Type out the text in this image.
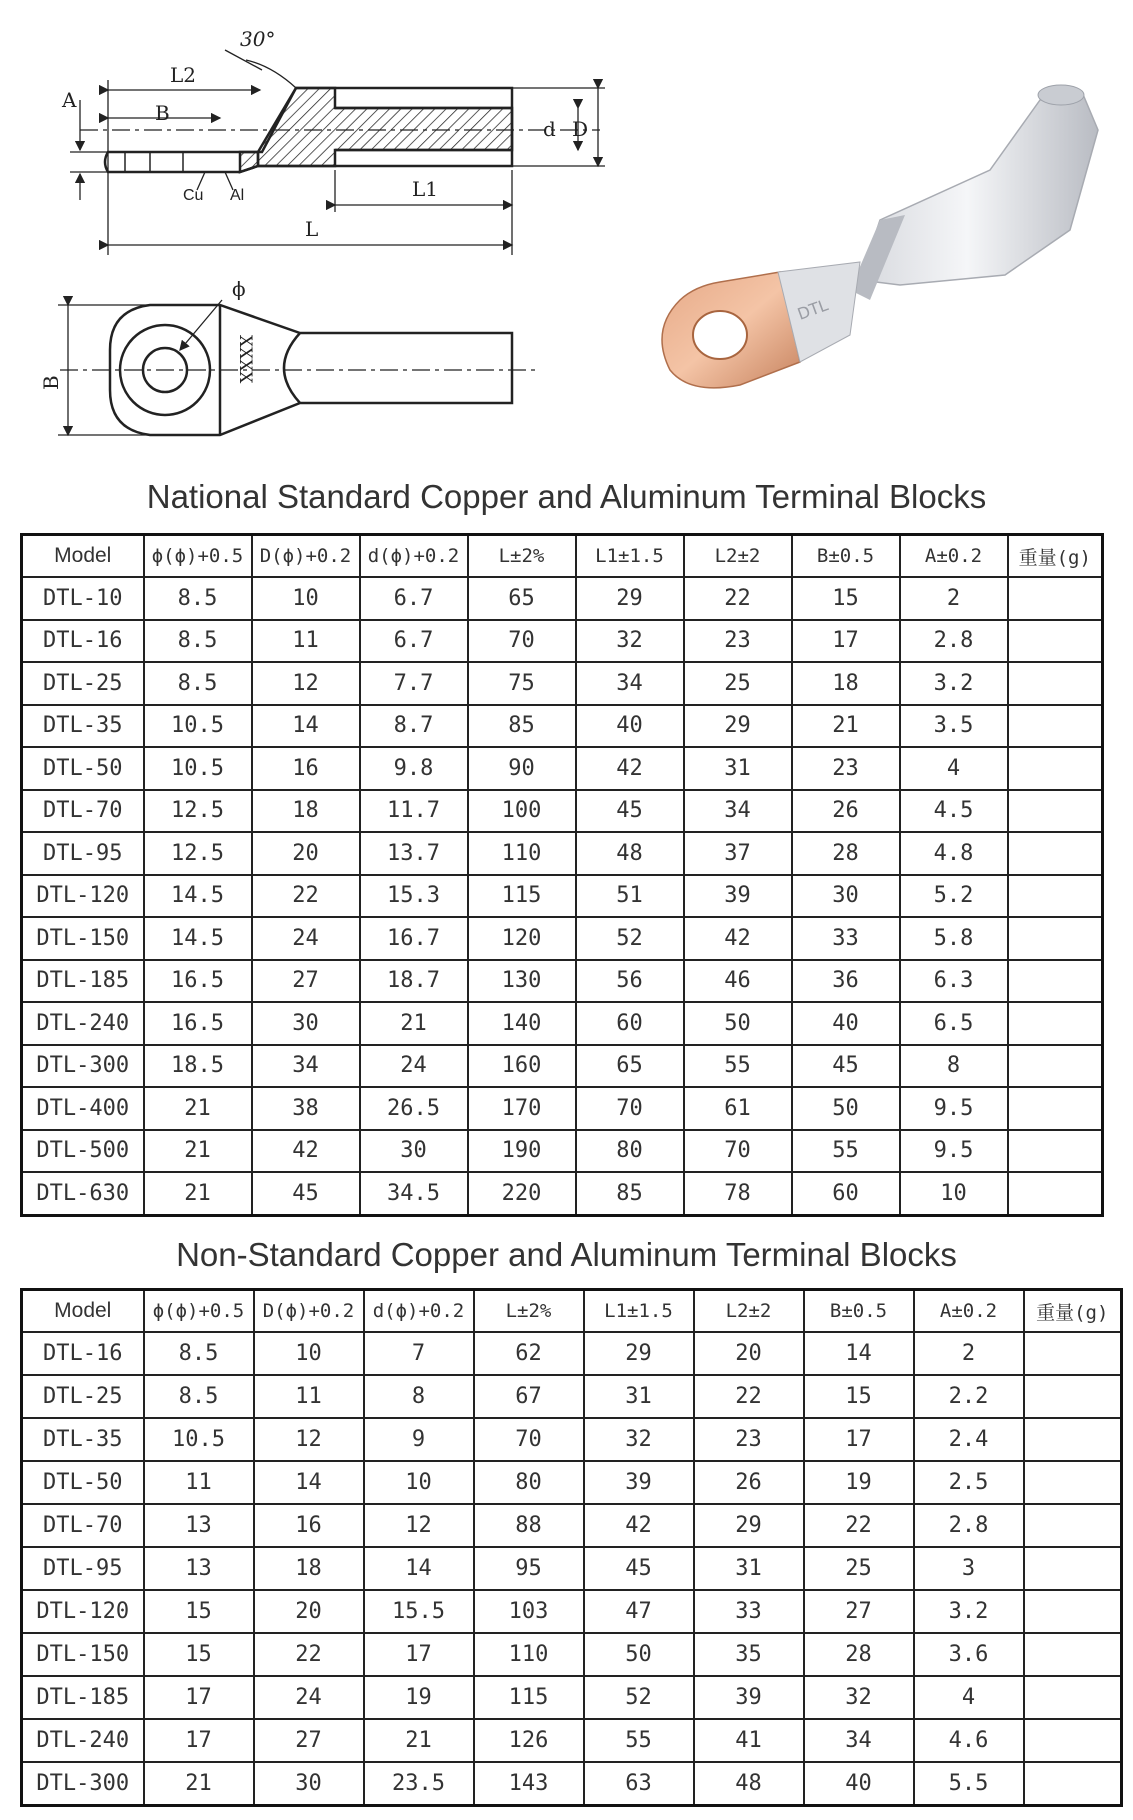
30°
L2
B
A
Cu Al	L1
L
d D
ϕ
B	XXXX
DTL
National Standard Copper and Aluminum Terminal Blocks
Model	ϕ(ϕ)+0.5	D(ϕ)+0.2	d(ϕ)+0.2	L±2%	L1±1.5	L2±2	B±0.5	A±0.2	重量(g)
DTL-10	8.5	10	6.7	65	29	22	15	2	
DTL-16	8.5	11	6.7	70	32	23	17	2.8	
DTL-25	8.5	12	7.7	75	34	25	18	3.2	
DTL-35	10.5	14	8.7	85	40	29	21	3.5	
DTL-50	10.5	16	9.8	90	42	31	23	4	
DTL-70	12.5	18	11.7	100	45	34	26	4.5	
DTL-95	12.5	20	13.7	110	48	37	28	4.8	
DTL-120	14.5	22	15.3	115	51	39	30	5.2	
DTL-150	14.5	24	16.7	120	52	42	33	5.8	
DTL-185	16.5	27	18.7	130	56	46	36	6.3	
DTL-240	16.5	30	21	140	60	50	40	6.5	
DTL-300	18.5	34	24	160	65	55	45	8	
DTL-400	21	38	26.5	170	70	61	50	9.5	
DTL-500	21	42	30	190	80	70	55	9.5	
DTL-630	21	45	34.5	220	85	78	60	10	
Non-Standard Copper and Aluminum Terminal Blocks
Model	ϕ(ϕ)+0.5	D(ϕ)+0.2	d(ϕ)+0.2	L±2%	L1±1.5	L2±2	B±0.5	A±0.2	重量(g)
DTL-16	8.5	10	7	62	29	20	14	2	
DTL-25	8.5	11	8	67	31	22	15	2.2	
DTL-35	10.5	12	9	70	32	23	17	2.4	
DTL-50	11	14	10	80	39	26	19	2.5	
DTL-70	13	16	12	88	42	29	22	2.8	
DTL-95	13	18	14	95	45	31	25	3	
DTL-120	15	20	15.5	103	47	33	27	3.2	
DTL-150	15	22	17	110	50	35	28	3.6	
DTL-185	17	24	19	115	52	39	32	4	
DTL-240	17	27	21	126	55	41	34	4.6	
DTL-300	21	30	23.5	143	63	48	40	5.5	
